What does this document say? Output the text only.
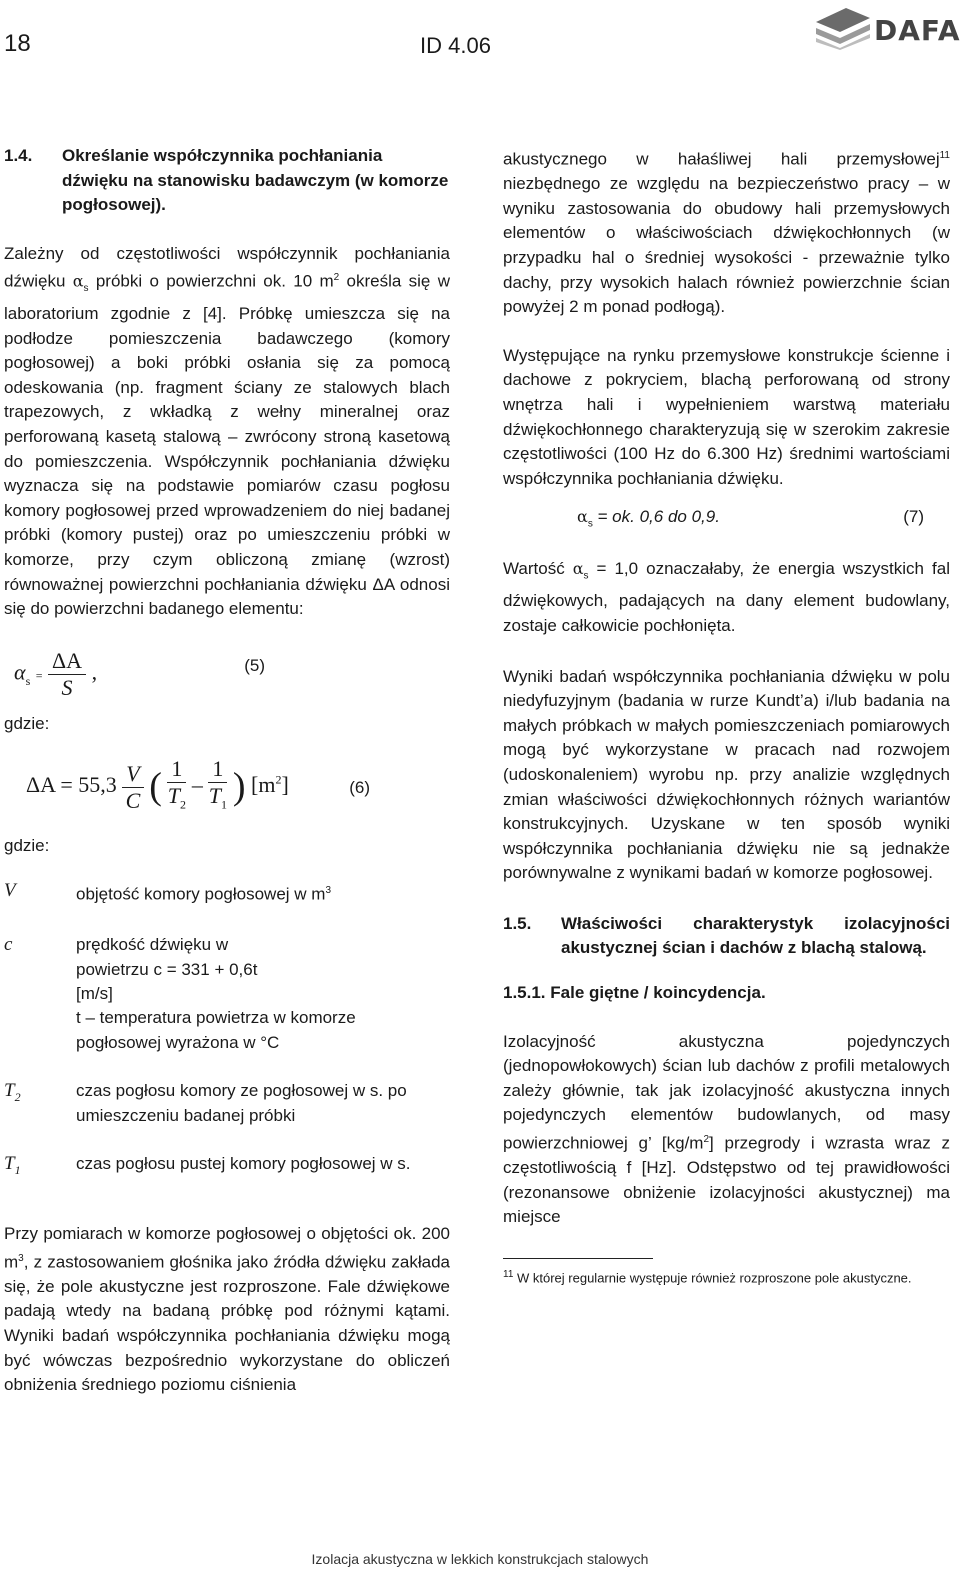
18	ID 4.06	DAFA
1.4.	Określanie współczynnika pochłaniania dźwięku na stanowisku badawczym (w komorze pogłosowej).

Zależny od częstotliwości współczynnik pochłaniania dźwięku $\alpha_s$ próbki o powierzchni ok. 10 $m^2$ określa się w laboratorium zgodnie z [4]. Próbkę umieszcza się na podłodze pomieszczenia badawczego (komory pogłosowej) a boki próbki osłania się za pomocą odeskowania (np. fragment ściany ze stalowych blach trapezowych, z wkładką z wełny mineralnej oraz perforowaną kasetą stalową – zwrócony stroną kasetową do pomieszczenia. Współczynnik pochłaniania dźwięku wyznacza się na podstawie pomiarów czasu pogłosu komory pogłosowej przed wprowadzeniem do niej badanej próbki (komory pustej) oraz po umieszczeniu próbki w komorze, przy czym obliczoną zmianę (wzrost) równoważnej powierzchni pochłaniania dźwięku ΔA odnosi się do powierzchni badanego elementu:

$\alpha_s = \frac{\Delta A}{S}$ ,	(5)

gdzie:

$\Delta A = 55,3 \frac{V}{C}$ ( $\frac{1}{T_2} - \frac{1}{T_1}$ ) $[m^2]$	(6)

gdzie:

V	objętość komory pogłosowej w $m^3$
c	prędkość dźwięku w powietrzu c = 331 + 0,6t [m/s]
t – temperatura powietrza w komorze pogłosowej wyrażona w °C
$T_2$	czas pogłosu komory ze pogłosowej w s. po umieszczeniu badanej próbki
$T_1$	czas pogłosu pustej komory pogłosowej w s.

Przy pomiarach w komorze pogłosowej o objętości ok. 200 $m^3$, z zastosowaniem głośnika jako źródła dźwięku zakłada się, że pole akustyczne jest rozproszone. Fale dźwiękowe padają wtedy na badaną próbkę pod różnymi kątami. Wyniki badań współczynnika pochłaniania dźwięku mogą być wówczas bezpośrednio wykorzystane do obliczeń obniżenia średniego poziomu ciśnienia

akustycznego w hałaśliwej hali przemysłowej$^{11}$ niezbędnego ze względu na bezpieczeństwo pracy – w wyniku zastosowania do obudowy hali przemysłowych elementów o właściwościach dźwiękochłonnych (w przypadku hal o średniej wysokości - przeważnie tylko dachy, przy wysokich halach również powierzchnie ścian powyżej 2 m ponad podłogą).

Występujące na rynku przemysłowe konstrukcje ścienne i dachowe z pokryciem, blachą perforowaną od strony wnętrza hali i wypełnieniem warstwą materiału dźwiękochłonnego charakteryzują się w szerokim zakresie częstotliwości (100 Hz do 6.300 Hz) średnimi wartościami współczynnika pochłaniania dźwięku.

$\alpha_s$ = ok. 0,6 do 0,9.	(7)

Wartość $\alpha_s = 1,0$ oznaczałaby, że energia wszystkich fal dźwiękowych, padających na dany element budowlany, zostaje całkowicie pochłonięta.

Wyniki badań współczynnika pochłaniania dźwięku w polu niedyfuzyjnym (badania w rurze Kundt’a) i/lub badania na małych próbkach w małych pomieszczeniach pomiarowych mogą być wykorzystane w pracach nad rozwojem (udoskonaleniem) wyrobu np. przy analizie względnych zmian właściwości dźwiękochłonnych różnych wariantów konstrukcyjnych. Uzyskane w ten sposób wyniki współczynnika pochłaniania dźwięku nie są jednakże porównywalne z wynikami badań w komorze pogłosowej.

1.5.	Właściwości charakterystyk izolacyjności akustycznej ścian i dachów z blachą stalową.

1.5.1. Fale giętne / koincydencja.

Izolacyjność akustyczna pojedynczych (jednopowłokowych) ścian lub dachów z profili metalowych zależy głównie, tak jak izolacyjność akustyczna innych pojedynczych elementów budowlanych, od masy powierzchniowej g’ $[kg/m^2]$ przegrody i wzrasta wraz z częstotliwością f [Hz]. Odstępstwo od tej prawidłowości (rezonansowe obniżenie izolacyjności akustycznej) ma miejsce

$^{11}$ W której regularnie występuje również rozproszone pole akustyczne.

Izolacja akustyczna w lekkich konstrukcjach stalowych
